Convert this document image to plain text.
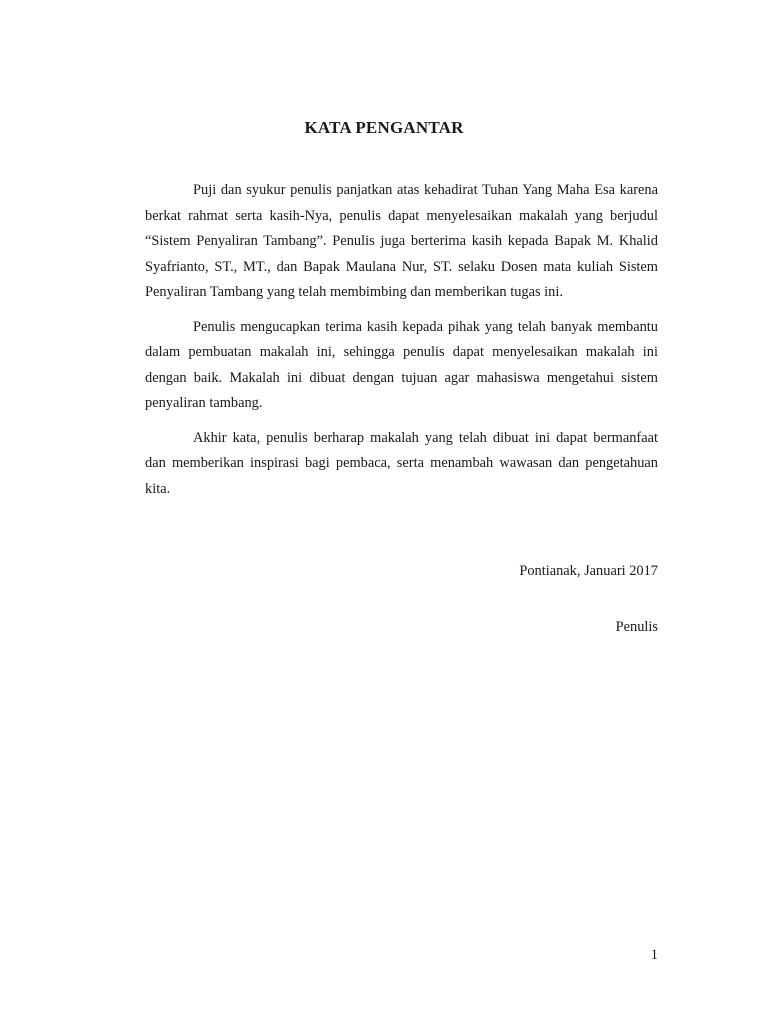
KATA PENGANTAR

Puji dan syukur penulis panjatkan atas kehadirat Tuhan Yang Maha Esa karena berkat rahmat serta kasih-Nya, penulis dapat menyelesaikan makalah yang berjudul “Sistem Penyaliran Tambang”. Penulis juga berterima kasih kepada Bapak M. Khalid Syafrianto, ST., MT., dan Bapak Maulana Nur, ST. selaku Dosen mata kuliah Sistem Penyaliran Tambang yang telah membimbing dan memberikan tugas ini.

Penulis mengucapkan terima kasih kepada pihak yang telah banyak membantu dalam pembuatan makalah ini, sehingga penulis dapat menyelesaikan makalah ini dengan baik. Makalah ini dibuat dengan tujuan agar mahasiswa mengetahui sistem penyaliran tambang.

Akhir kata, penulis berharap makalah yang telah dibuat ini dapat bermanfaat dan memberikan inspirasi bagi pembaca, serta menambah wawasan dan pengetahuan kita.

Pontianak, Januari 2017

Penulis

1
